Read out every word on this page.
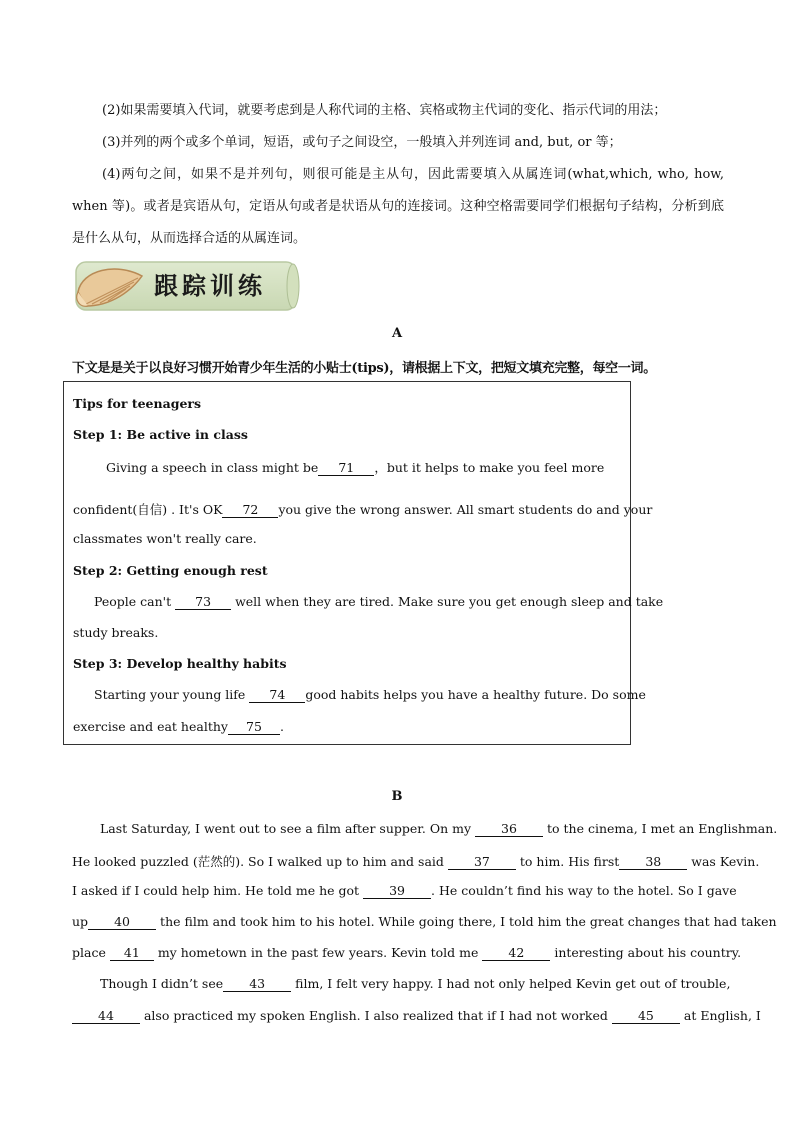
(2)如果需要填入代词，就要考虑到是人称代词的主格、宾格或物主代词的变化、指示代词的用法；
(3)并列的两个或多个单词，短语，或句子之间设空，一般填入并列连词 and, but, or 等；
(4)两句之间，如果不是并列句，则很可能是主从句，因此需要填入从属连词(what,which, who, how, when 等)。或者是宾语从句，定语从句或者是状语从句的连接词。这种空格需要同学们根据句子结构，分析到底是什么从句，从而选择合适的从属连词。
跟踪训练
A
下文是是关于以良好习惯开始青少年生活的小贴士(tips)，请根据上下文，把短文填充完整，每空一词。
Tips for teenagers
Step 1: Be active in class
Giving a speech in class might be 71 ，but it helps to make you feel more
confident(自信) . It's OK 72 you give the wrong answer. All smart students do and your
classmates won't really care.
Step 2: Getting enough rest
People can't 73 well when they are tired. Make sure you get enough sleep and take
study breaks.
Step 3: Develop healthy habits
Starting your young life 74 good habits helps you have a healthy future. Do some
exercise and eat healthy 75 .
B
Last Saturday, I went out to see a film after supper. On my 36 to the cinema, I met an Englishman.
He looked puzzled (茫然的). So I walked up to him and said 37 to him. His first 38 was Kevin.
I asked if I could help him. He told me he got 39 . He couldn’t find his way to the hotel. So I gave
up 40 the film and took him to his hotel. While going there, I told him the great changes that had taken
place 41 my hometown in the past few years. Kevin told me 42 interesting about his country.
Though I didn’t see 43 film, I felt very happy. I had not only helped Kevin get out of trouble,
44 also practiced my spoken English. I also realized that if I had not worked 45 at English, I
